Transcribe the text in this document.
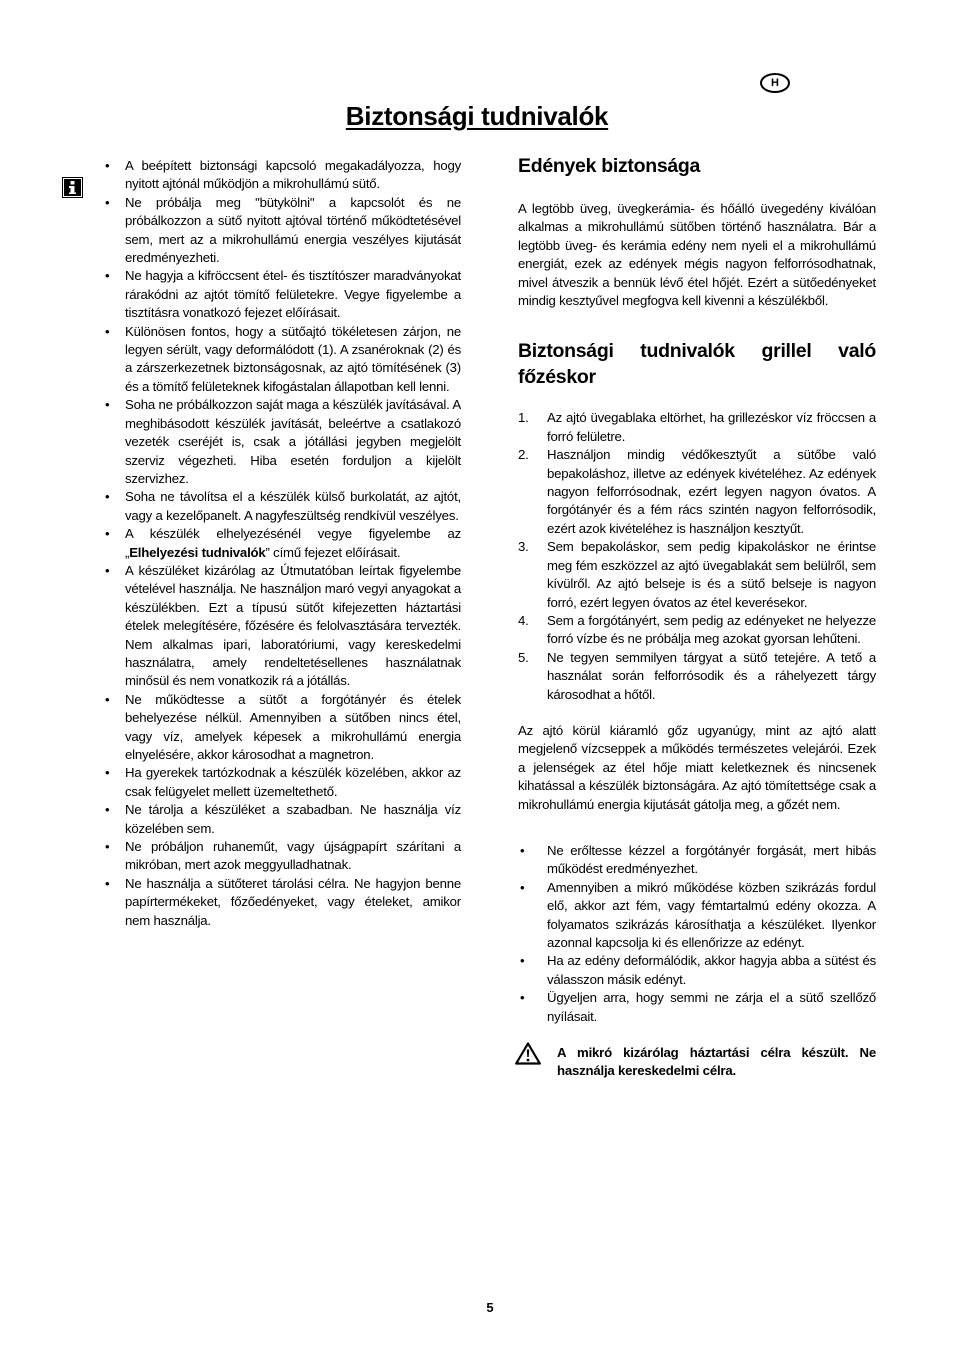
H
Biztonsági tudnivalók
• A beépített biztonsági kapcsoló megakadályozza, hogy nyitott ajtónál működjön a mikrohullámú sütő.
• Ne próbálja meg "bütykölni" a kapcsolót és ne próbálkozzon a sütő nyitott ajtóval történő működtetésével sem, mert az a mikrohullámú energia veszélyes kijutását eredményezheti.
• Ne hagyja a kifröccsent étel- és tisztítószer maradványokat rárakódni az ajtót tömítő felületekre. Vegye figyelembe a tisztításra vonatkozó fejezet előírásait.
• Különösen fontos, hogy a sütőajtó tökéletesen zárjon, ne legyen sérült, vagy deformálódott (1). A zsanéroknak (2) és a zárszerkezetnek biztonságosnak, az ajtó tömítésének (3) és a tömítő felületeknek kifogástalan állapotban kell lenni.
• Soha ne próbálkozzon saját maga a készülék javításával. A meghibásodott készülék javítását, beleértve a csatlakozó vezeték cseréjét is, csak a jótállási jegyben megjelölt szerviz végezheti. Hiba esetén forduljon a kijelölt szervizhez.
• Soha ne távolítsa el a készülék külső burkolatát, az ajtót, vagy a kezelőpanelt. A nagyfeszültség rendkívül veszélyes.
• A készülék elhelyezésénél vegye figyelembe az „Elhelyezési tudnivalók” című fejezet előírásait.
• A készüléket kizárólag az Útmutatóban leírtak figyelembe vételével használja. Ne használjon maró vegyi anyagokat a készülékben. Ezt a típusú sütőt kifejezetten háztartási ételek melegítésére, főzésére és felolvasztására tervezték. Nem alkalmas ipari, laboratóriumi, vagy kereskedelmi használatra, amely rendeltetésellenes használatnak minősül és nem vonatkozik rá a jótállás.
• Ne működtesse a sütőt a forgótányér és ételek behelyezése nélkül. Amennyiben a sütőben nincs étel, vagy víz, amelyek képesek a mikrohullámú energia elnyelésére, akkor károsodhat a magnetron.
• Ha gyerekek tartózkodnak a készülék közelében, akkor az csak felügyelet mellett üzemeltethető.
• Ne tárolja a készüléket a szabadban. Ne használja víz közelében sem.
• Ne próbáljon ruhaneműt, vagy újságpapírt szárítani a mikróban, mert azok meggyulladhatnak.
• Ne használja a sütőteret tárolási célra. Ne hagyjon benne papírtermékeket, főzőedényeket, vagy ételeket, amikor nem használja.
Edények biztonsága

A legtöbb üveg, üvegkerámia- és hőálló üvegedény kiválóan alkalmas a mikrohullámú sütőben történő használatra. Bár a legtöbb üveg- és kerámia edény nem nyeli el a mikrohullámú energiát, ezek az edények mégis nagyon felforrósodhatnak, mivel átveszik a bennük lévő étel hőjét. Ezért a sütőedényeket mindig kesztyűvel megfogva kell kivenni a készülékből.

Biztonsági tudnivalók grillel való főzéskor
1. Az ajtó üvegablaka eltörhet, ha grillezéskor víz fröccsen a forró felületre.
2. Használjon mindig védőkesztyűt a sütőbe való bepakoláshoz, illetve az edények kivételéhez. Az edények nagyon felforrósodnak, ezért legyen nagyon óvatos. A forgótányér és a fém rács szintén nagyon felforrósodik, ezért azok kivételéhez is használjon kesztyűt.
3. Sem bepakoláskor, sem pedig kipakoláskor ne érintse meg fém eszközzel az ajtó üvegablakát sem belülről, sem kívülről. Az ajtó belseje is és a sütő belseje is nagyon forró, ezért legyen óvatos az étel keverésekor.
4. Sem a forgótányért, sem pedig az edényeket ne helyezze forró vízbe és ne próbálja meg azokat gyorsan lehűteni.
5. Ne tegyen semmilyen tárgyat a sütő tetejére. A tető a használat során felforrósodik és a ráhelyezett tárgy károsodhat a hőtől.

Az ajtó körül kiáramló gőz ugyanúgy, mint az ajtó alatt megjelenő vízcseppek a működés természetes velejárói. Ezek a jelenségek az étel hője miatt keletkeznek és nincsenek kihatással a készülék biztonságára. Az ajtó tömítettsége csak a mikrohullámú energia kijutását gátolja meg, a gőzét nem.

• Ne erőltesse kézzel a forgótányér forgását, mert hibás működést eredményezhet.
• Amennyiben a mikró működése közben szikrázás fordul elő, akkor azt fém, vagy fémtartalmú edény okozza. A folyamatos szikrázás károsíthatja a készüléket. Ilyenkor azonnal kapcsolja ki és ellenőrizze az edényt.
• Ha az edény deformálódik, akkor hagyja abba a sütést és válasszon másik edényt.
• Ügyeljen arra, hogy semmi ne zárja el a sütő szellőző nyílásait.

A mikró kizárólag háztartási célra készült. Ne használja kereskedelmi célra.

5
